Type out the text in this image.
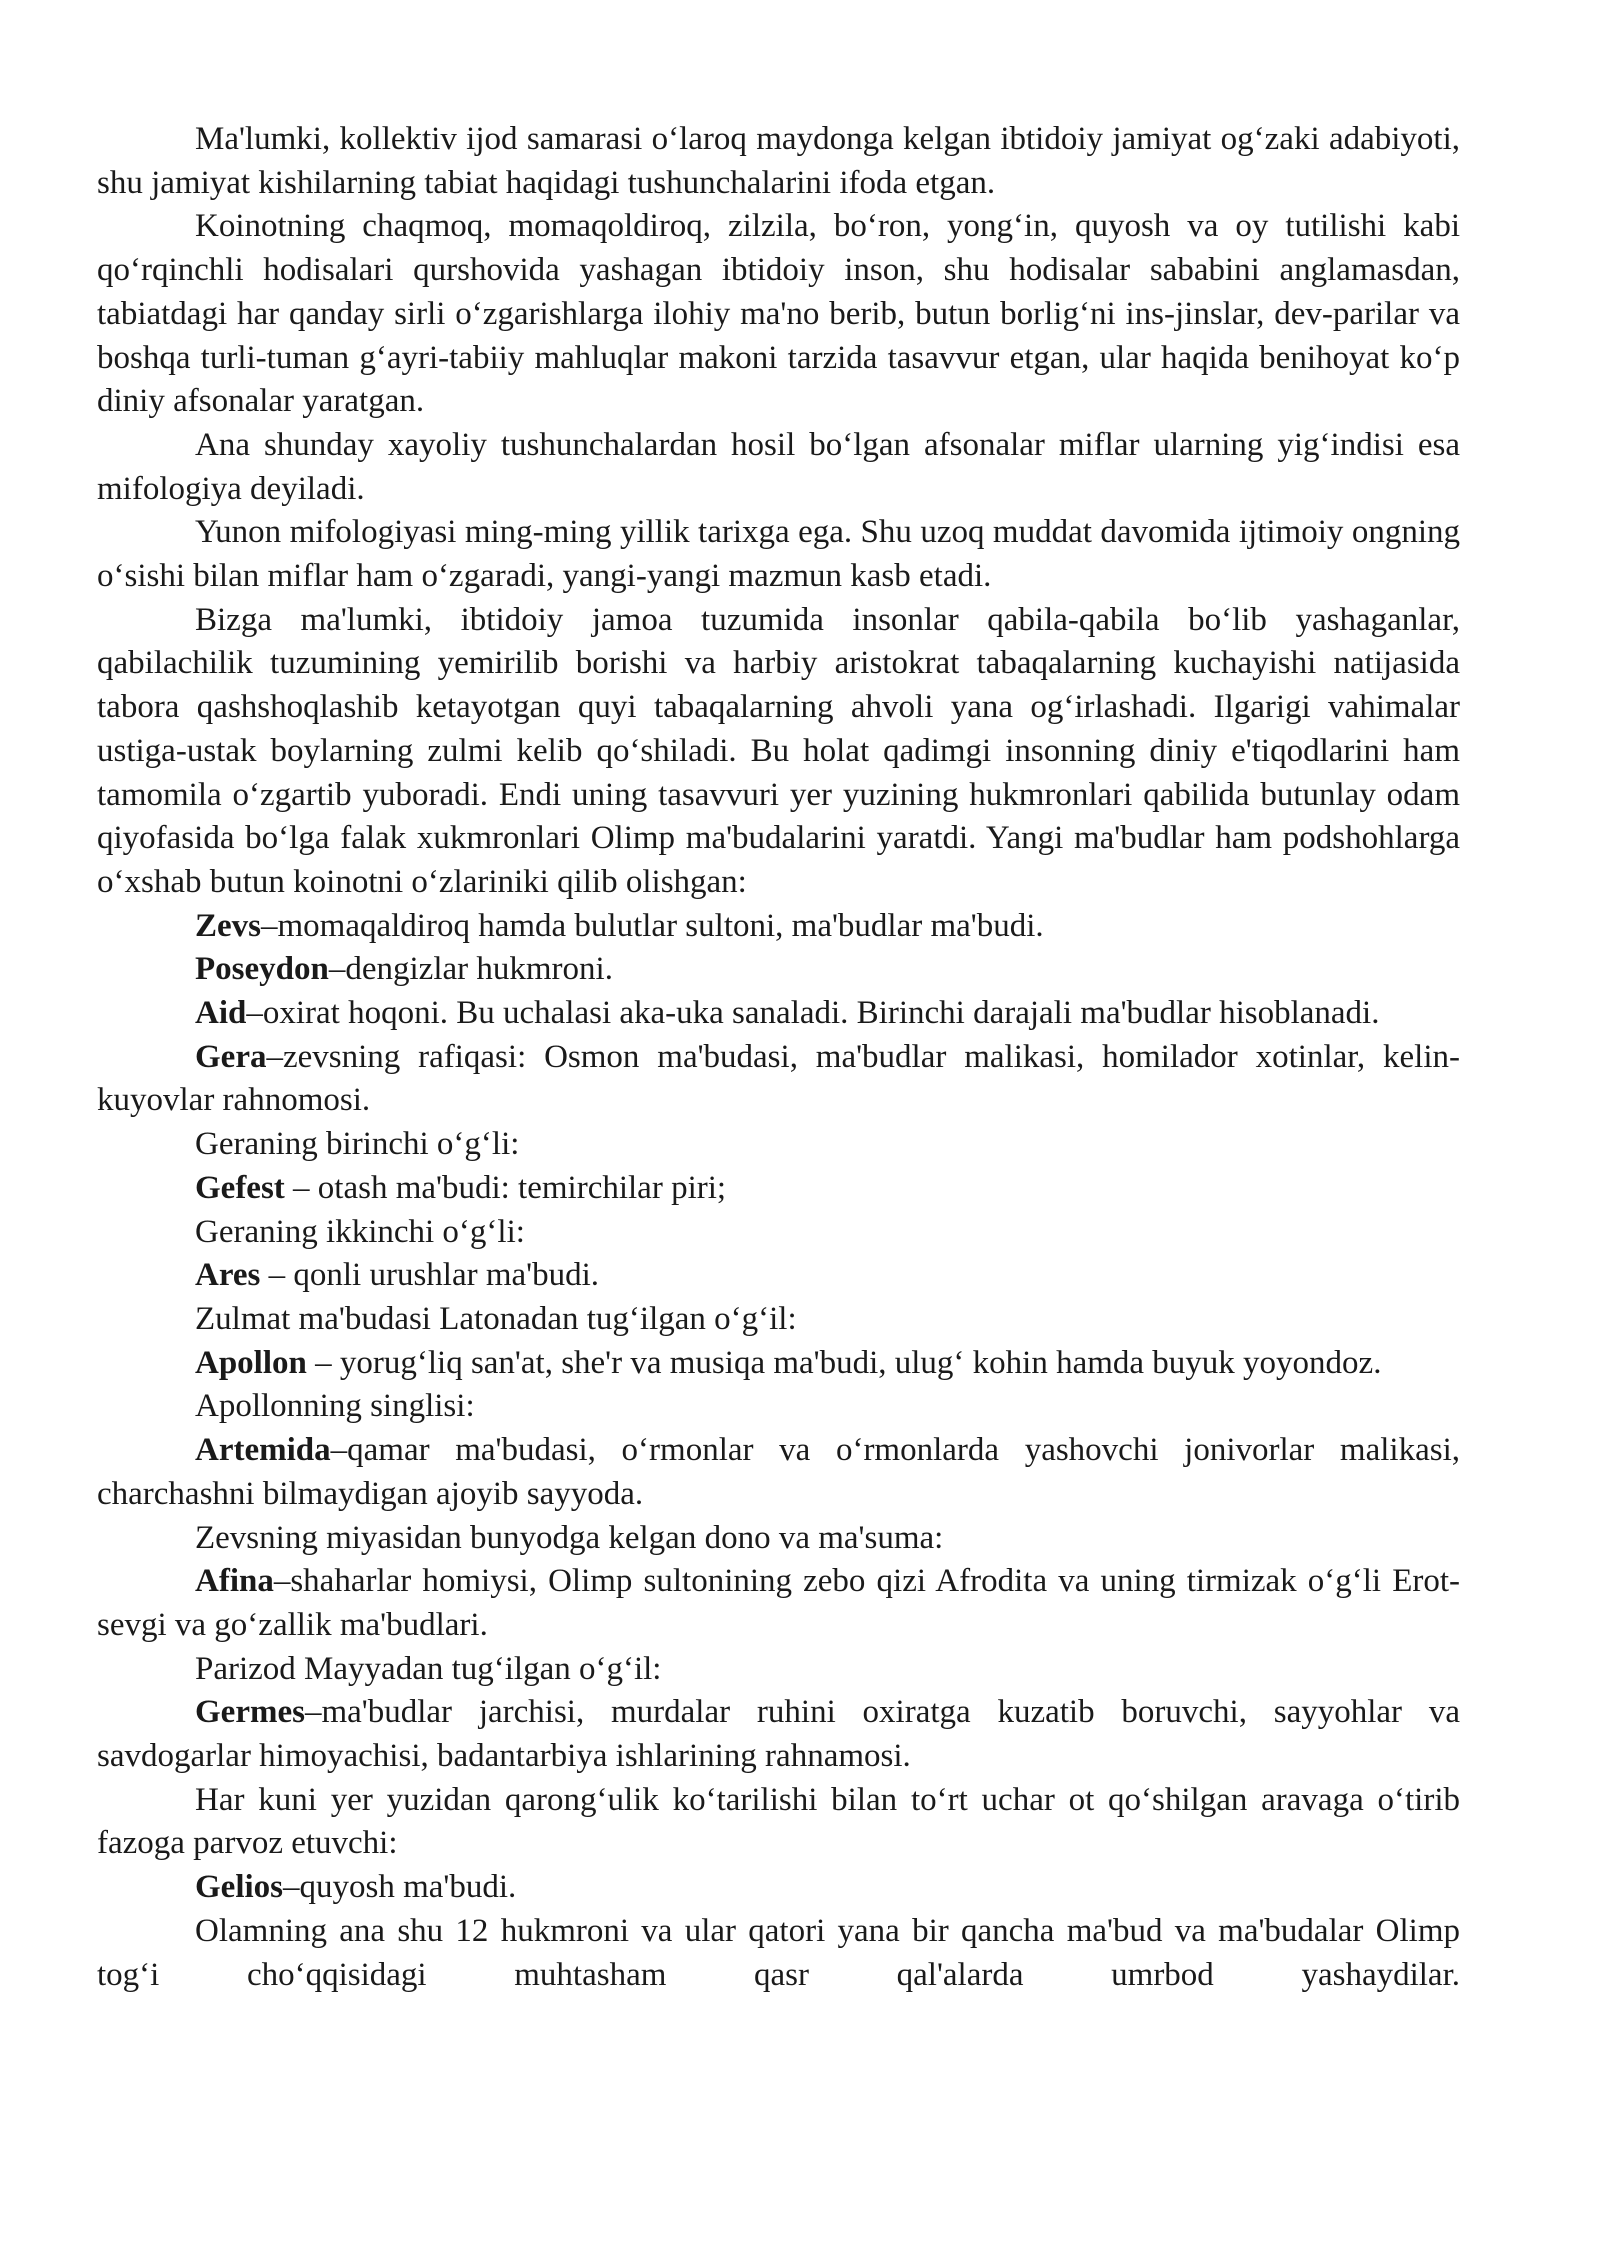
Ma'lumki, kollektiv ijod samarasi o‘laroq maydonga kelgan ibtidoiy jamiyat og‘zaki adabiyoti, shu jamiyat kishilarning tabiat haqidagi tushunchalarini ifoda etgan.

Koinotning chaqmoq, momaqoldiroq, zilzila, bo‘ron, yong‘in, quyosh va oy tutilishi kabi qo‘rqinchli hodisalari qurshovida yashagan ibtidoiy inson, shu hodisalar sababini anglamasdan, tabiatdagi har qanday sirli o‘zgarishlarga ilohiy ma'no berib, butun borlig‘ni ins-jinslar, dev-parilar va boshqa turli-tuman g‘ayri-tabiiy mahluqlar makoni tarzida tasavvur etgan, ular haqida benihoyat ko‘p diniy afsonalar yaratgan.

Ana shunday xayoliy tushunchalardan hosil bo‘lgan afsonalar miflar ularning yig‘indisi esa mifologiya deyiladi.

Yunon mifologiyasi ming-ming yillik tarixga ega. Shu uzoq muddat davomida ijtimoiy ongning o‘sishi bilan miflar ham o‘zgaradi, yangi-yangi mazmun kasb etadi.

Bizga ma'lumki, ibtidoiy jamoa tuzumida insonlar qabila-qabila bo‘lib yashaganlar, qabilachilik tuzumining yemirilib borishi va harbiy aristokrat tabaqalarning kuchayishi natijasida tabora qashshoqlashib ketayotgan quyi tabaqalarning ahvoli yana og‘irlashadi. Ilgarigi vahimalar ustiga-ustak boylarning zulmi kelib qo‘shiladi. Bu holat qadimgi insonning diniy e'tiqodlarini ham tamomila o‘zgartib yuboradi. Endi uning tasavvuri yer yuzining hukmronlari qabilida butunlay odam qiyofasida bo‘lga falak xukmronlari Olimp ma'budalarini yaratdi. Yangi ma'budlar ham podshohlarga o‘xshab butun koinotni o‘zlariniki qilib olishgan:

Zevs–momaqaldiroq hamda bulutlar sultoni, ma'budlar ma'budi.

Poseydon–dengizlar hukmroni.

Aid–oxirat hoqoni. Bu uchalasi aka-uka sanaladi. Birinchi darajali ma'budlar hisoblanadi.

Gera–zevsning rafiqasi: Osmon ma'budasi, ma'budlar malikasi, homilador xotinlar, kelin-kuyovlar rahnomosi.

Geraning birinchi o‘g‘li:

Gefest – otash ma'budi: temirchilar piri;

Geraning ikkinchi o‘g‘li:

Ares – qonli urushlar ma'budi.

Zulmat ma'budasi Latonadan tug‘ilgan o‘g‘il:

Apollon – yorug‘liq san'at, she'r va musiqa ma'budi, ulug‘ kohin hamda buyuk yoyondoz.

Apollonning singlisi:

Artemida–qamar ma'budasi, o‘rmonlar va o‘rmonlarda yashovchi jonivorlar malikasi, charchashni bilmaydigan ajoyib sayyoda.

Zevsning miyasidan bunyodga kelgan dono va ma'suma:

Afina–shaharlar homiysi, Olimp sultonining zebo qizi Afrodita va uning tirmizak o‘g‘li Erot-sevgi va go‘zallik ma'budlari.

Parizod Mayyadan tug‘ilgan o‘g‘il:

Germes–ma'budlar jarchisi, murdalar ruhini oxiratga kuzatib boruvchi, sayyohlar va savdogarlar himoyachisi, badantarbiya ishlarining rahnamosi.

Har kuni yer yuzidan qarong‘ulik ko‘tarilishi bilan to‘rt uchar ot qo‘shilgan aravaga o‘tirib fazoga parvoz etuvchi:

Gelios–quyosh ma'budi.

Olamning ana shu 12 hukmroni va ular qatori yana bir qancha ma'bud va ma'budalar Olimp tog‘i cho‘qqisidagi muhtasham qasr qal'alarda umrbod yashaydilar.
